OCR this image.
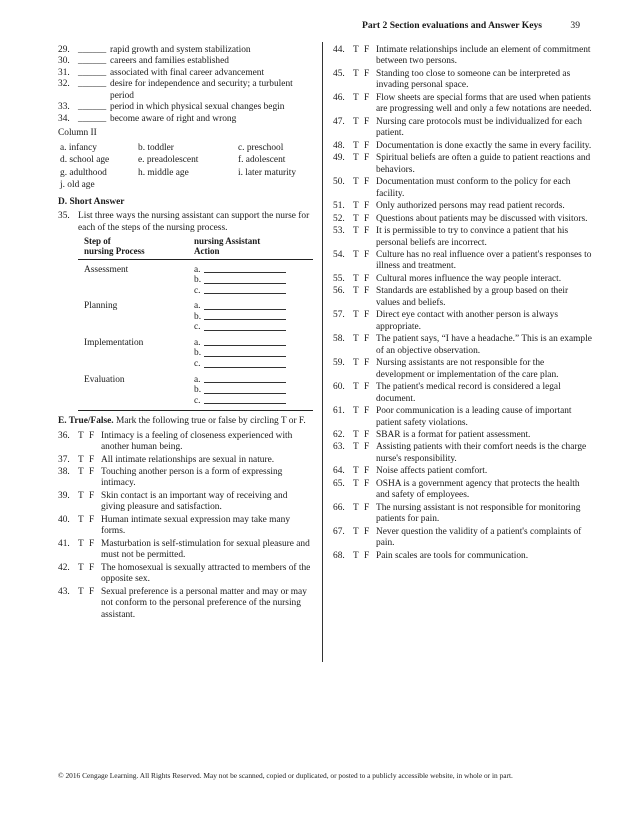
Part 2 Section evaluations and Answer Keys	39
29. ______ rapid growth and system stabilization
30. ______ careers and families established
31. ______ associated with final career advancement
32. ______ desire for independence and security; a turbulent period
33. ______ period in which physical sexual changes begin
34. ______ become aware of right and wrong
Column II
a. infancy	b. toddler	c. preschool
d. school age	e. preadolescent	f. adolescent
g. adulthood	h. middle age	i. later maturity
j. old age
D. Short Answer
35. List three ways the nursing assistant can support the nurse for each of the steps of the nursing process.
Step of
nursing Process
nursing Assistant
Action
Assessment	a.
b.
c.
Planning	a.
b.
c.
Implementation	a.
b.
c.
Evaluation	a.
b.
c.
E. True/False. Mark the following true or false by circling T or F.
36. T F Intimacy is a feeling of closeness experienced with another human being.
37. T F All intimate relationships are sexual in nature.
38. T F Touching another person is a form of expressing intimacy.
39. T F Skin contact is an important way of receiving and giving pleasure and satisfaction.
40. T F Human intimate sexual expression may take many forms.
41. T F Masturbation is self-stimulation for sexual pleasure and must not be permitted.
42. T F The homosexual is sexually attracted to members of the opposite sex.
43. T F Sexual preference is a personal matter and may or may not conform to the personal preference of the nursing assistant.
44. T F Intimate relationships include an element of commitment between two persons.
45. T F Standing too close to someone can be interpreted as invading personal space.
46. T F Flow sheets are special forms that are used when patients are progressing well and only a few notations are needed.
47. T F Nursing care protocols must be individualized for each patient.
48. T F Documentation is done exactly the same in every facility.
49. T F Spiritual beliefs are often a guide to patient reactions and behaviors.
50. T F Documentation must conform to the policy for each facility.
51. T F Only authorized persons may read patient records.
52. T F Questions about patients may be discussed with visitors.
53. T F It is permissible to try to convince a patient that his personal beliefs are incorrect.
54. T F Culture has no real influence over a patient's responses to illness and treatment.
55. T F Cultural mores influence the way people interact.
56. T F Standards are established by a group based on their values and beliefs.
57. T F Direct eye contact with another person is always appropriate.
58. T F The patient says, “I have a headache.” This is an example of an objective observation.
59. T F Nursing assistants are not responsible for the development or implementation of the care plan.
60. T F The patient's medical record is considered a legal document.
61. T F Poor communication is a leading cause of important patient safety violations.
62. T F SBAR is a format for patient assessment.
63. T F Assisting patients with their comfort needs is the charge nurse's responsibility.
64. T F Noise affects patient comfort.
65. T F OSHA is a government agency that protects the health and safety of employees.
66. T F The nursing assistant is not responsible for monitoring patients for pain.
67. T F Never question the validity of a patient's complaints of pain.
68. T F Pain scales are tools for communication.
© 2016 Cengage Learning. All Rights Reserved. May not be scanned, copied or duplicated, or posted to a publicly accessible website, in whole or in part.
